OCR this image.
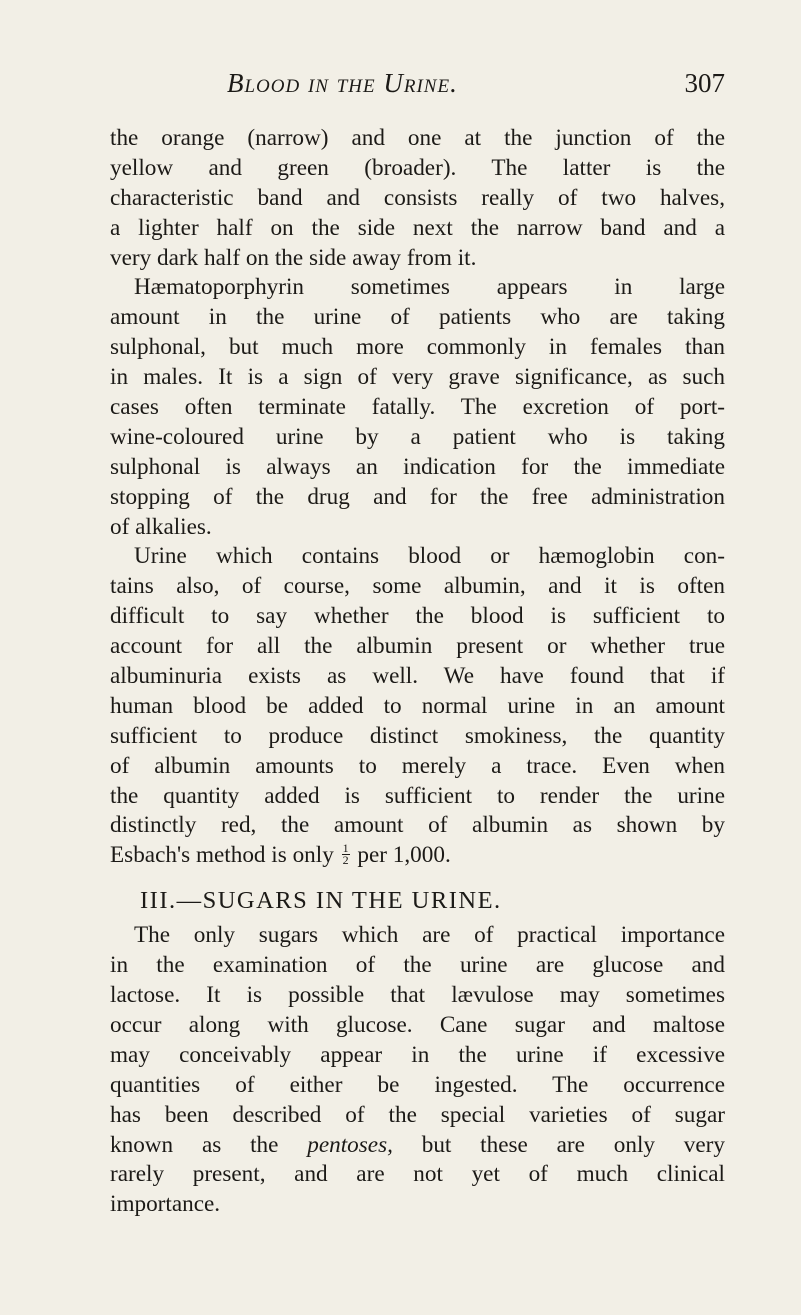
Blood in the Urine.	307
the orange (narrow) and one at the junction of the
yellow and green (broader). The latter is the
characteristic band and consists really of two halves,
a lighter half on the side next the narrow band and a
very dark half on the side away from it.
Hæmatoporphyrin sometimes appears in large
amount in the urine of patients who are taking
sulphonal, but much more commonly in females than
in males. It is a sign of very grave significance, as such
cases often terminate fatally. The excretion of port-
wine-coloured urine by a patient who is taking
sulphonal is always an indication for the immediate
stopping of the drug and for the free administration
of alkalies.
Urine which contains blood or hæmoglobin con-
tains also, of course, some albumin, and it is often
difficult to say whether the blood is sufficient to
account for all the albumin present or whether true
albuminuria exists as well. We have found that if
human blood be added to normal urine in an amount
sufficient to produce distinct smokiness, the quantity
of albumin amounts to merely a trace. Even when
the quantity added is sufficient to render the urine
distinctly red, the amount of albumin as shown by
Esbach's method is only $\frac{1}{2}$ per 1,000.
III.—SUGARS IN THE URINE.
The only sugars which are of practical importance
in the examination of the urine are glucose and
lactose. It is possible that lævulose may sometimes
occur along with glucose. Cane sugar and maltose
may conceivably appear in the urine if excessive
quantities of either be ingested. The occurrence
has been described of the special varieties of sugar
known as the pentoses, but these are only very
rarely present, and are not yet of much clinical
importance.
